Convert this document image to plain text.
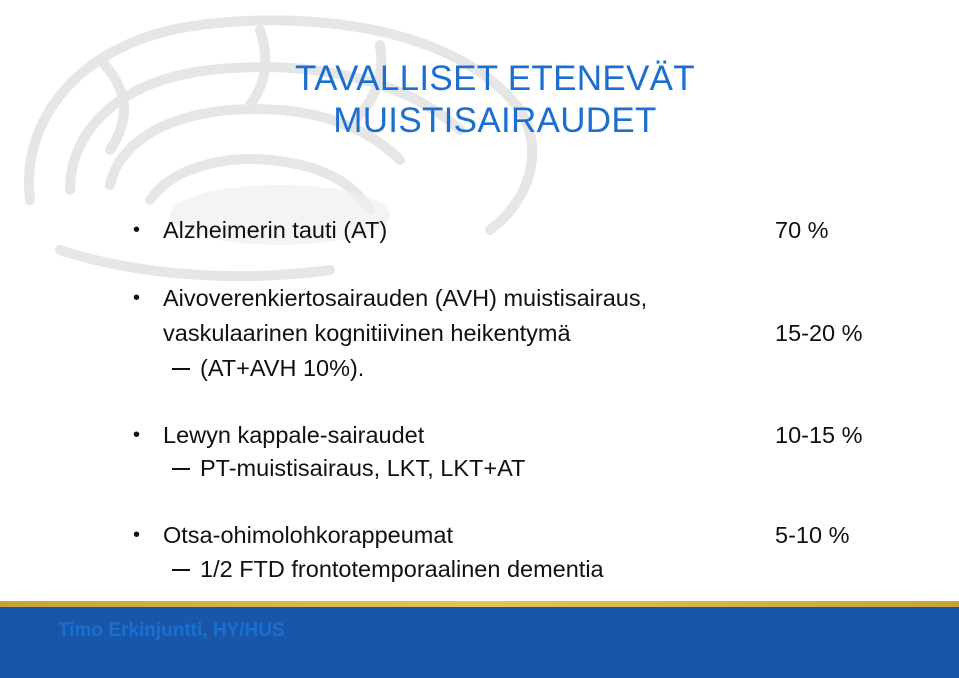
TAVALLISET ETENEVÄT
MUISTISAIRAUDET
• Alzheimerin tauti (AT)	70 %
• Aivoverenkiertosairauden (AVH) muistisairaus,
vaskulaarinen kognitiivinen heikentymä	15-20 %
(AT+AVH 10%).
• Lewyn kappale-sairaudet	10-15 %
PT-muistisairaus, LKT, LKT+AT
• Otsa-ohimolohkorappeumat	5-10 %
1/2 FTD frontotemporaalinen dementia
Timo Erkinjuntti, HY/HUS
